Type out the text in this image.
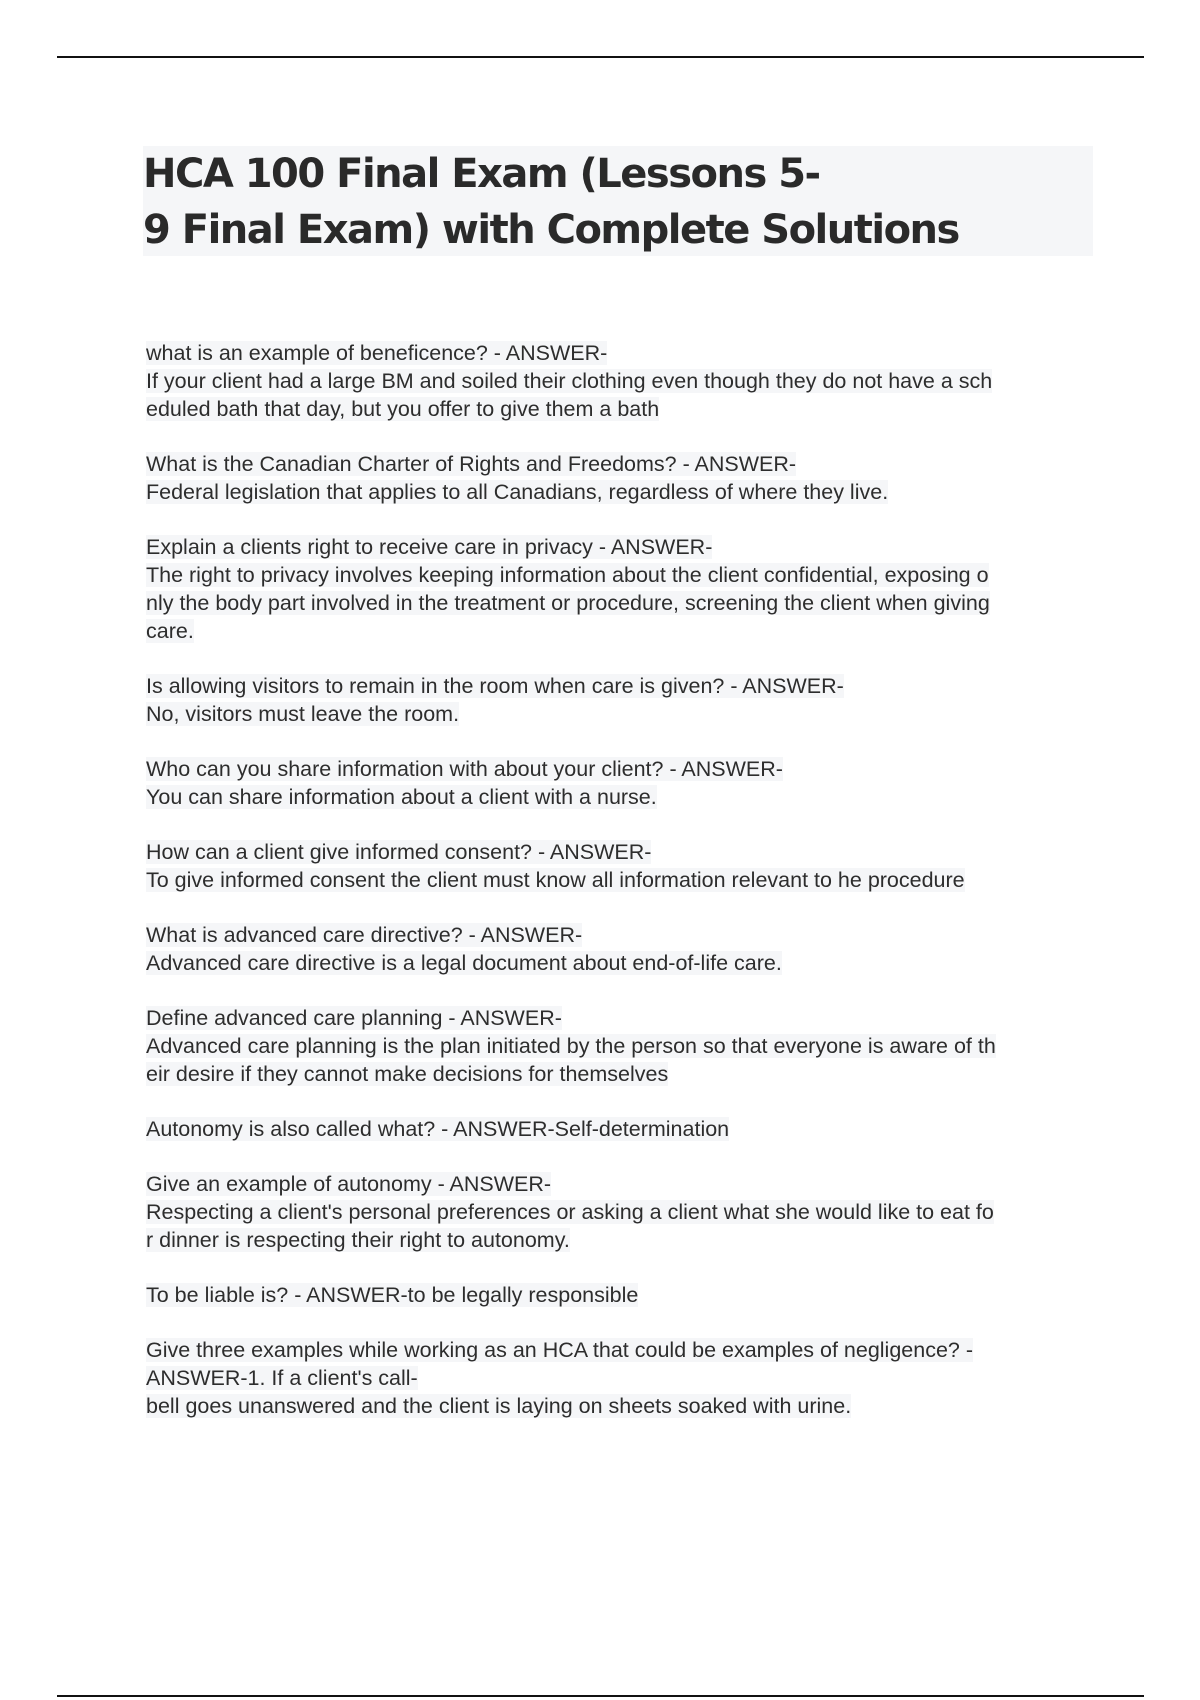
HCA 100 Final Exam (Lessons 5-
9 Final Exam) with Complete Solutions
what is an example of beneficence? - ANSWER-
If your client had a large BM and soiled their clothing even though they do not have a sch
eduled bath that day, but you offer to give them a bath
What is the Canadian Charter of Rights and Freedoms? - ANSWER-
Federal legislation that applies to all Canadians, regardless of where they live.
Explain a clients right to receive care in privacy - ANSWER-
The right to privacy involves keeping information about the client confidential, exposing o
nly the body part involved in the treatment or procedure, screening the client when giving
care.
Is allowing visitors to remain in the room when care is given? - ANSWER-
No, visitors must leave the room.
Who can you share information with about your client? - ANSWER-
You can share information about a client with a nurse.
How can a client give informed consent? - ANSWER-
To give informed consent the client must know all information relevant to he procedure
What is advanced care directive? - ANSWER-
Advanced care directive is a legal document about end-of-life care.
Define advanced care planning - ANSWER-
Advanced care planning is the plan initiated by the person so that everyone is aware of th
eir desire if they cannot make decisions for themselves
Autonomy is also called what? - ANSWER-Self-determination
Give an example of autonomy - ANSWER-
Respecting a client's personal preferences or asking a client what she would like to eat fo
r dinner is respecting their right to autonomy.
To be liable is? - ANSWER-to be legally responsible
Give three examples while working as an HCA that could be examples of negligence? -
ANSWER-1. If a client's call-
bell goes unanswered and the client is laying on sheets soaked with urine.
